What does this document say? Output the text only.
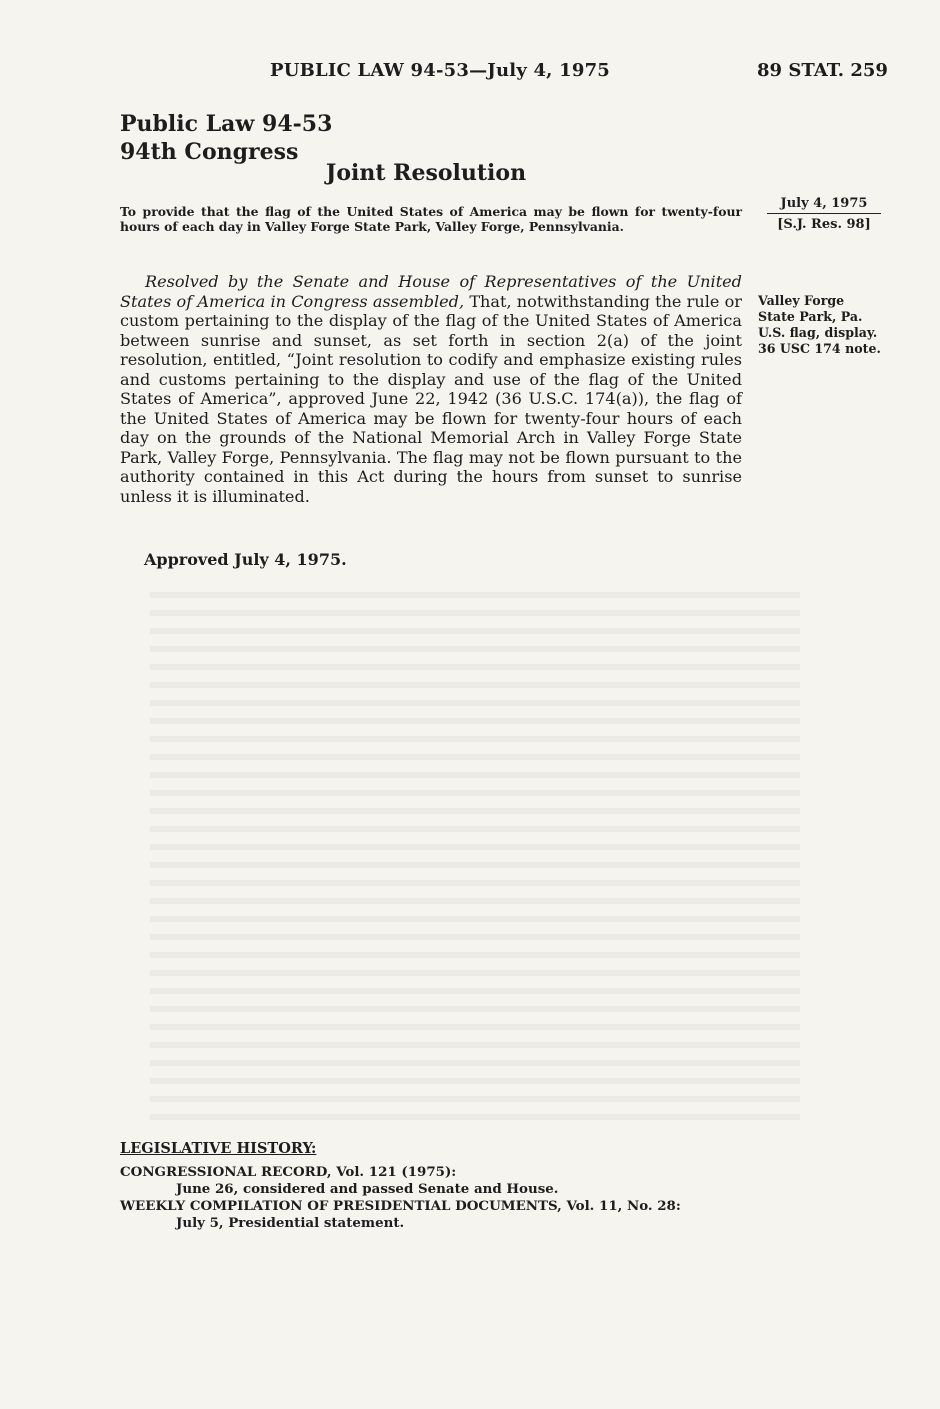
PUBLIC LAW 94-53—July 4, 1975	89 STAT. 259
Public Law 94-53
94th Congress
Joint Resolution
To provide that the flag of the United States of America may be flown for twenty-four hours of each day in Valley Forge State Park, Valley Forge, Pennsylvania.
July 4, 1975
[S.J. Res. 98]
Resolved by the Senate and House of Representatives of the United States of America in Congress assembled, That, notwithstanding the rule or custom pertaining to the display of the flag of the United States of America between sunrise and sunset, as set forth in section 2(a) of the joint resolution, entitled, “Joint resolution to codify and emphasize existing rules and customs pertaining to the display and use of the flag of the United States of America”, approved June 22, 1942 (36 U.S.C. 174(a)), the flag of the United States of America may be flown for twenty-four hours of each day on the grounds of the National Memorial Arch in Valley Forge State Park, Valley Forge, Pennsylvania. The flag may not be flown pursuant to the authority contained in this Act during the hours from sunset to sunrise unless it is illuminated.
Valley Forge
State Park, Pa.
U.S. flag, display.
36 USC 174 note.
Approved July 4, 1975.
LEGISLATIVE HISTORY:
CONGRESSIONAL RECORD, Vol. 121 (1975):
June 26, considered and passed Senate and House.
WEEKLY COMPILATION OF PRESIDENTIAL DOCUMENTS, Vol. 11, No. 28:
July 5, Presidential statement.
